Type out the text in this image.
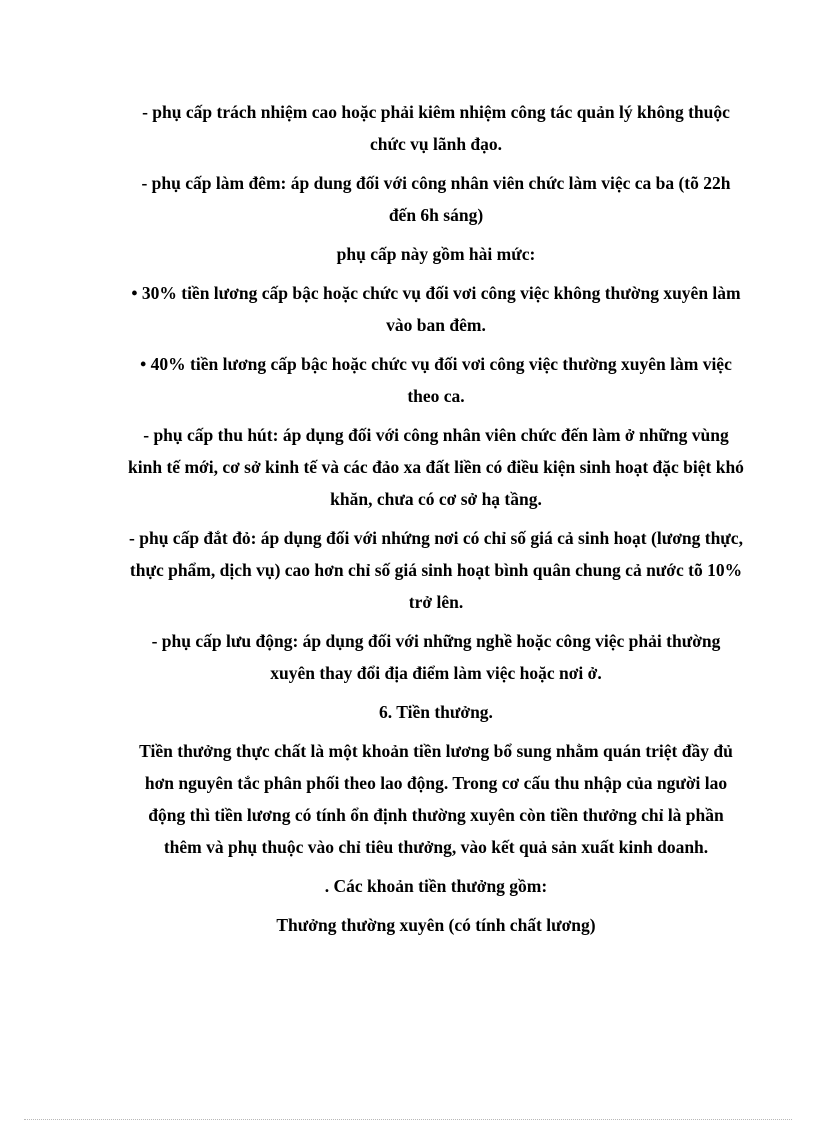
- phụ cấp trách nhiệm cao hoặc phải kiêm nhiệm công tác quản lý không thuộc chức vụ lãnh đạo.

- phụ cấp làm đêm: áp dung đối với công nhân viên chức làm việc ca ba (tõ 22h đến 6h sáng)

phụ cấp này gồm hài mức:

• 30% tiền lương cấp bậc hoặc chức vụ đối vơi công việc không thường xuyên làm vào ban đêm.

• 40% tiền lương cấp bậc hoặc chức vụ đối vơi công việc thường xuyên làm việc theo ca.

- phụ cấp thu hút: áp dụng đối với công nhân viên chức đến làm ở những vùng kinh tế mới, cơ sở kinh tế và các đảo xa đất liền có điều kiện sinh hoạt đặc biệt khó khăn, chưa có cơ sở hạ tầng.

- phụ cấp đắt đỏ: áp dụng đối với nhứng nơi có chỉ số giá cả sinh hoạt (lương thực, thực phẩm, dịch vụ) cao hơn chỉ số giá sinh hoạt bình quân chung cả nước tõ 10% trở lên.

- phụ cấp lưu động: áp dụng đối với những nghề hoặc công việc phải thường xuyên thay đổi địa điểm làm việc hoặc nơi ở.

6. Tiền thưởng.

Tiền thưởng thực chất là một khoản tiền lương bổ sung nhằm quán triệt đầy đủ hơn nguyên tắc phân phối theo lao động. Trong cơ cấu thu nhập của người lao động thì tiền lương có tính ổn định thường xuyên còn tiền thưởng chỉ là phần thêm và phụ thuộc vào chỉ tiêu thưởng, vào kết quả sản xuất kinh doanh.

. Các khoản tiền thưởng gồm:

Thưởng thường xuyên (có tính chất lương)
